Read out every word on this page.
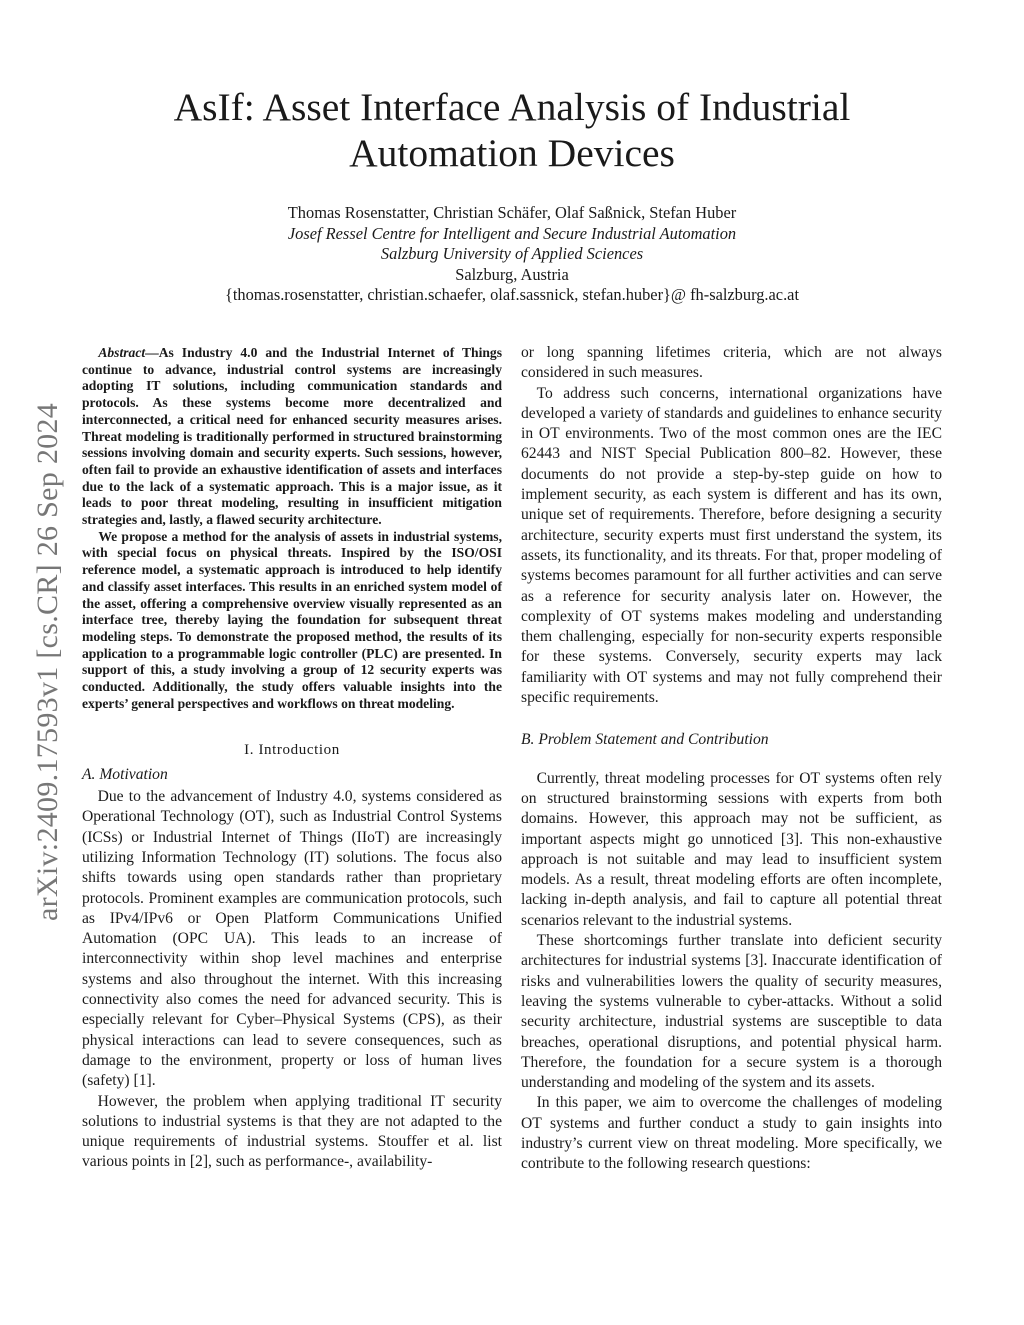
arXiv:2409.17593v1 [cs.CR] 26 Sep 2024
AsIf: Asset Interface Analysis of Industrial
Automation Devices
Thomas Rosenstatter, Christian Schäfer, Olaf Saßnick, Stefan Huber
Josef Ressel Centre for Intelligent and Secure Industrial Automation
Salzburg University of Applied Sciences
Salzburg, Austria
{thomas.rosenstatter, christian.schaefer, olaf.sassnick, stefan.huber}@ fh-salzburg.ac.at

Abstract—As Industry 4.0 and the Industrial Internet of Things continue to advance, industrial control systems are increasingly adopting IT solutions, including communication standards and protocols. As these systems become more decentralized and interconnected, a critical need for enhanced security measures arises. Threat modeling is traditionally performed in structured brainstorming sessions involving domain and security experts. Such sessions, however, often fail to provide an exhaustive identification of assets and interfaces due to the lack of a systematic approach. This is a major issue, as it leads to poor threat modeling, resulting in insufficient mitigation strategies and, lastly, a flawed security architecture.

We propose a method for the analysis of assets in industrial systems, with special focus on physical threats. Inspired by the ISO/OSI reference model, a systematic approach is introduced to help identify and classify asset interfaces. This results in an enriched system model of the asset, offering a comprehensive overview visually represented as an interface tree, thereby laying the foundation for subsequent threat modeling steps. To demonstrate the proposed method, the results of its application to a programmable logic controller (PLC) are presented. In support of this, a study involving a group of 12 security experts was conducted. Additionally, the study offers valuable insights into the experts’ general perspectives and workflows on threat modeling.

I. Introduction

A. Motivation

Due to the advancement of Industry 4.0, systems considered as Operational Technology (OT), such as Industrial Control Systems (ICSs) or Industrial Internet of Things (IIoT) are increasingly utilizing Information Technology (IT) solutions. The focus also shifts towards using open standards rather than proprietary protocols. Prominent examples are communication protocols, such as IPv4/IPv6 or Open Platform Communications Unified Automation (OPC UA). This leads to an increase of interconnectivity within shop level machines and enterprise systems and also throughout the internet. With this increasing connectivity also comes the need for advanced security. This is especially relevant for Cyber–Physical Systems (CPS), as their physical interactions can lead to severe consequences, such as damage to the environment, property or loss of human lives (safety) [1].

However, the problem when applying traditional IT security solutions to industrial systems is that they are not adapted to the unique requirements of industrial systems. Stouffer et al. list various points in [2], such as performance-, availability-

or long spanning lifetimes criteria, which are not always considered in such measures.

To address such concerns, international organizations have developed a variety of standards and guidelines to enhance security in OT environments. Two of the most common ones are the IEC 62443 and NIST Special Publication 800–82. However, these documents do not provide a step-by-step guide on how to implement security, as each system is different and has its own, unique set of requirements. Therefore, before designing a security architecture, security experts must first understand the system, its assets, its functionality, and its threats. For that, proper modeling of systems becomes paramount for all further activities and can serve as a reference for security analysis later on. However, the complexity of OT systems makes modeling and understanding them challenging, especially for non-security experts responsible for these systems. Conversely, security experts may lack familiarity with OT systems and may not fully comprehend their specific requirements.

B. Problem Statement and Contribution

Currently, threat modeling processes for OT systems often rely on structured brainstorming sessions with experts from both domains. However, this approach may not be sufficient, as important aspects might go unnoticed [3]. This non-exhaustive approach is not suitable and may lead to insufficient system models. As a result, threat modeling efforts are often incomplete, lacking in-depth analysis, and fail to capture all potential threat scenarios relevant to the industrial systems.

These shortcomings further translate into deficient security architectures for industrial systems [3]. Inaccurate identification of risks and vulnerabilities lowers the quality of security measures, leaving the systems vulnerable to cyber-attacks. Without a solid security architecture, industrial systems are susceptible to data breaches, operational disruptions, and potential physical harm. Therefore, the foundation for a secure system is a thorough understanding and modeling of the system and its assets.

In this paper, we aim to overcome the challenges of modeling OT systems and further conduct a study to gain insights into industry’s current view on threat modeling. More specifically, we contribute to the following research questions:
